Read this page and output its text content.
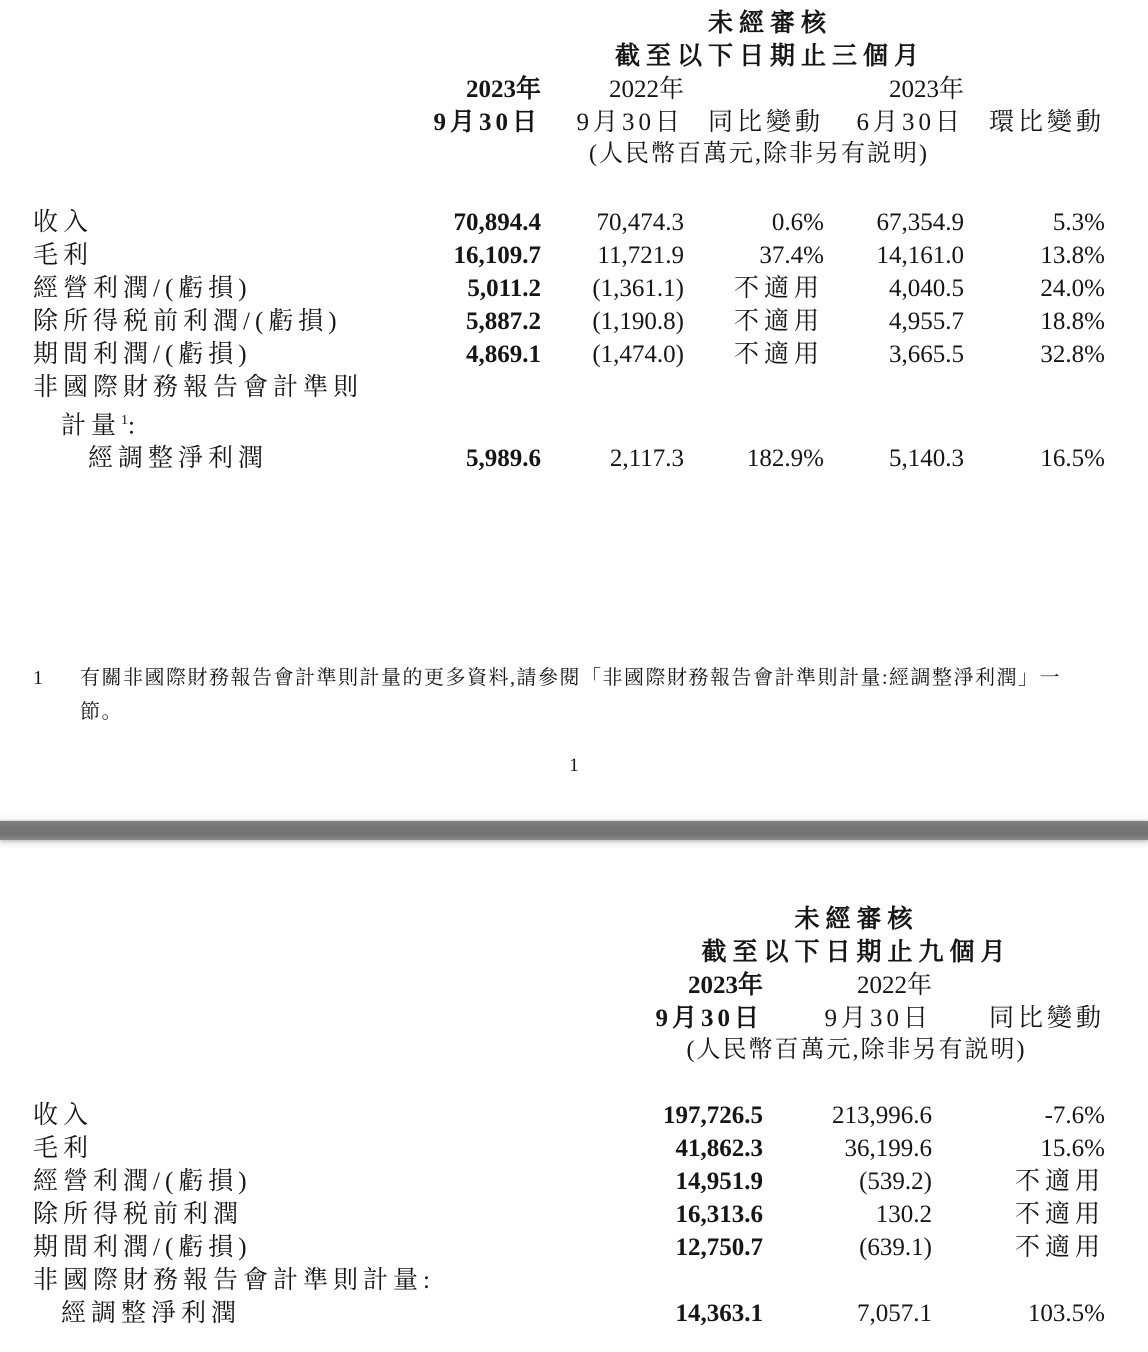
	未經審核				
	截至以下日期止三個月				
	2023年	2022年		2023年	
	9月30日	9月30日	同比變動	6月30日	環比變動
	(人民幣百萬元,除非另有説明)				

收入	70,894.4	70,474.3	0.6%	67,354.9	5.3%
毛利	16,109.7	11,721.9	37.4%	14,161.0	13.8%
經營利潤/(虧損)	5,011.2	(1,361.1)	不適用	4,040.5	24.0%
除所得税前利潤/(虧損)	5,887.2	(1,190.8)	不適用	4,955.7	18.8%
期間利潤/(虧損)	4,869.1	(1,474.0)	不適用	3,665.5	32.8%

非國際財務報告會計準則
計量$^1$:					

經調整淨利潤	5,989.6	2,117.3	182.9%	5,140.3	16.5%
1	有關非國際財務報告會計準則計量的更多資料,請參閱「非國際財務報告會計準則計量:經調整淨利潤」一
節。
1
	未經審核		
	截至以下日期止九個月		
	2023年	2022年	
	9月30日	9月30日	同比變動
	(人民幣百萬元,除非另有説明)		

收入	197,726.5	213,996.6	-7.6%
毛利	41,862.3	36,199.6	15.6%
經營利潤/(虧損)	14,951.9	(539.2)	不適用
除所得税前利潤	16,313.6	130.2	不適用
期間利潤/(虧損)	12,750.7	(639.1)	不適用
非國際財務報告會計準則計量:			
經調整淨利潤	14,363.1	7,057.1	103.5%
